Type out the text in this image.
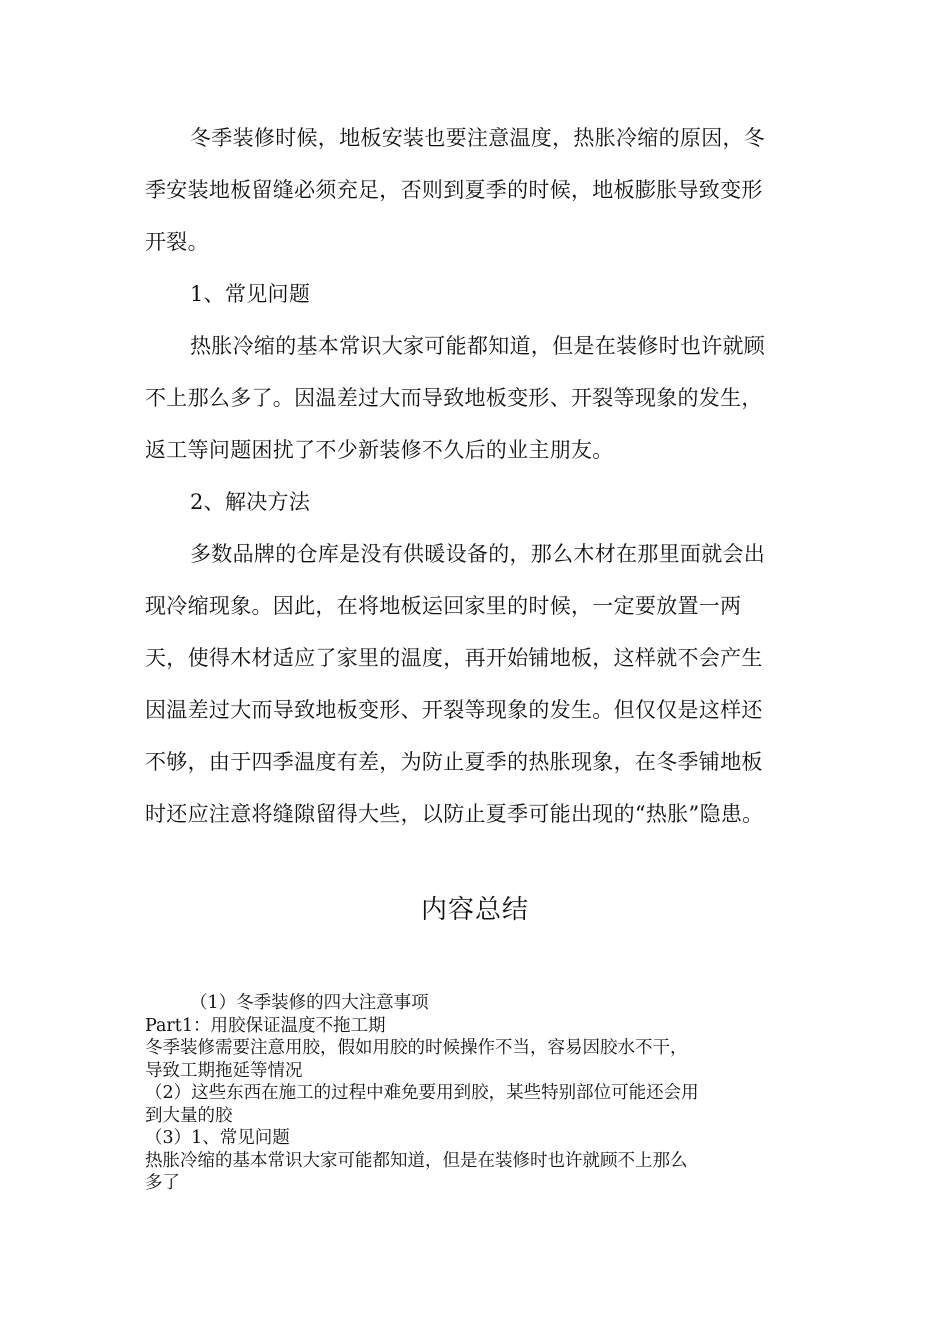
冬季装修时候，地板安装也要注意温度，热胀冷缩的原因，冬
季安装地板留缝必须充足，否则到夏季的时候，地板膨胀导致变形
开裂。
1、常见问题
热胀冷缩的基本常识大家可能都知道，但是在装修时也许就顾
不上那么多了。因温差过大而导致地板变形、开裂等现象的发生，
返工等问题困扰了不少新装修不久后的业主朋友。
2、解决方法
多数品牌的仓库是没有供暖设备的，那么木材在那里面就会出
现冷缩现象。因此，在将地板运回家里的时候，一定要放置一两
天，使得木材适应了家里的温度，再开始铺地板，这样就不会产生
因温差过大而导致地板变形、开裂等现象的发生。但仅仅是这样还
不够，由于四季温度有差，为防止夏季的热胀现象，在冬季铺地板
时还应注意将缝隙留得大些，以防止夏季可能出现的“热胀”隐患。
内容总结
（1）冬季装修的四大注意事项
Part1：用胶保证温度不拖工期
冬季装修需要注意用胶，假如用胶的时候操作不当，容易因胶水不干，
导致工期拖延等情况
（2）这些东西在施工的过程中难免要用到胶，某些特别部位可能还会用
到大量的胶
（3）1、常见问题
热胀冷缩的基本常识大家可能都知道，但是在装修时也许就顾不上那么
多了
